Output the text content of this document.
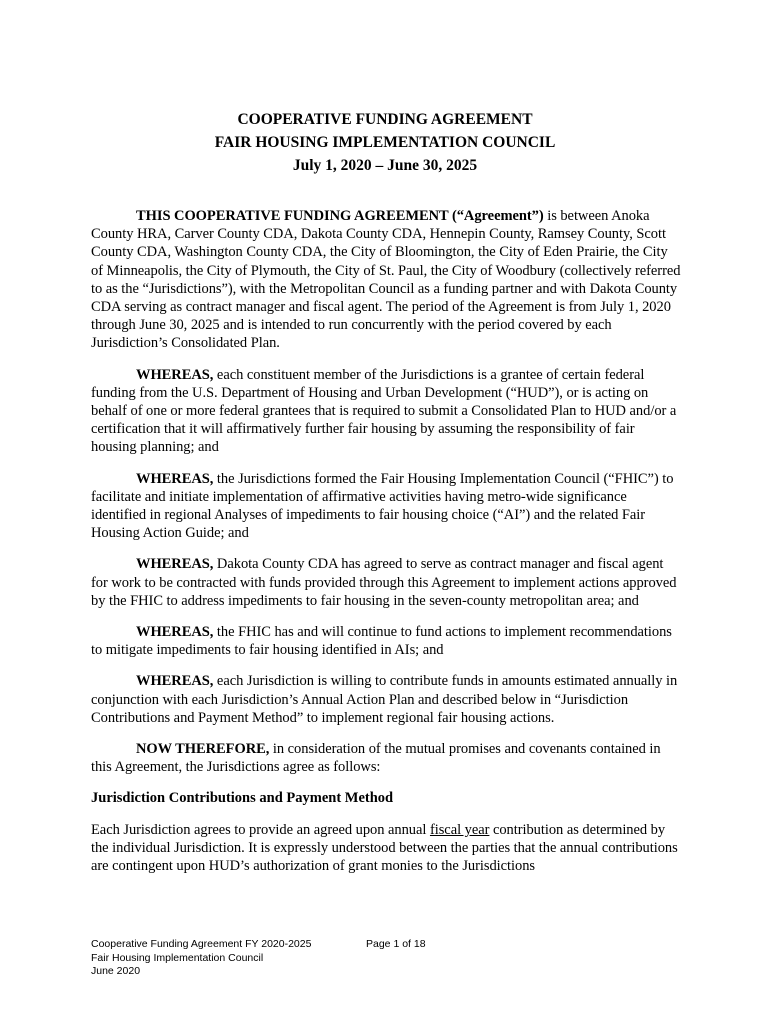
COOPERATIVE FUNDING AGREEMENT
FAIR HOUSING IMPLEMENTATION COUNCIL
July 1, 2020 – June 30, 2025

THIS COOPERATIVE FUNDING AGREEMENT (“Agreement”) is between Anoka County HRA, Carver County CDA, Dakota County CDA, Hennepin County, Ramsey County, Scott County CDA, Washington County CDA, the City of Bloomington, the City of Eden Prairie, the City of Minneapolis, the City of Plymouth, the City of St. Paul, the City of Woodbury (collectively referred to as the “Jurisdictions”), with the Metropolitan Council as a funding partner and with Dakota County CDA serving as contract manager and fiscal agent. The period of the Agreement is from July 1, 2020 through June 30, 2025 and is intended to run concurrently with the period covered by each Jurisdiction’s Consolidated Plan.

WHEREAS, each constituent member of the Jurisdictions is a grantee of certain federal funding from the U.S. Department of Housing and Urban Development (“HUD”), or is acting on behalf of one or more federal grantees that is required to submit a Consolidated Plan to HUD and/or a certification that it will affirmatively further fair housing by assuming the responsibility of fair housing planning; and

WHEREAS, the Jurisdictions formed the Fair Housing Implementation Council (“FHIC”) to facilitate and initiate implementation of affirmative activities having metro-wide significance identified in regional Analyses of impediments to fair housing choice (“AI”) and the related Fair Housing Action Guide; and

WHEREAS, Dakota County CDA has agreed to serve as contract manager and fiscal agent for work to be contracted with funds provided through this Agreement to implement actions approved by the FHIC to address impediments to fair housing in the seven-county metropolitan area; and

WHEREAS, the FHIC has and will continue to fund actions to implement recommendations to mitigate impediments to fair housing identified in AIs; and

WHEREAS, each Jurisdiction is willing to contribute funds in amounts estimated annually in conjunction with each Jurisdiction’s Annual Action Plan and described below in “Jurisdiction Contributions and Payment Method” to implement regional fair housing actions.

NOW THEREFORE, in consideration of the mutual promises and covenants contained in this Agreement, the Jurisdictions agree as follows:

Jurisdiction Contributions and Payment Method

Each Jurisdiction agrees to provide an agreed upon annual fiscal year contribution as determined by the individual Jurisdiction. It is expressly understood between the parties that the annual contributions are contingent upon HUD’s authorization of grant monies to the Jurisdictions

Cooperative Funding Agreement FY 2020-2025
Fair Housing Implementation Council
June 2020
Page 1 of 18
